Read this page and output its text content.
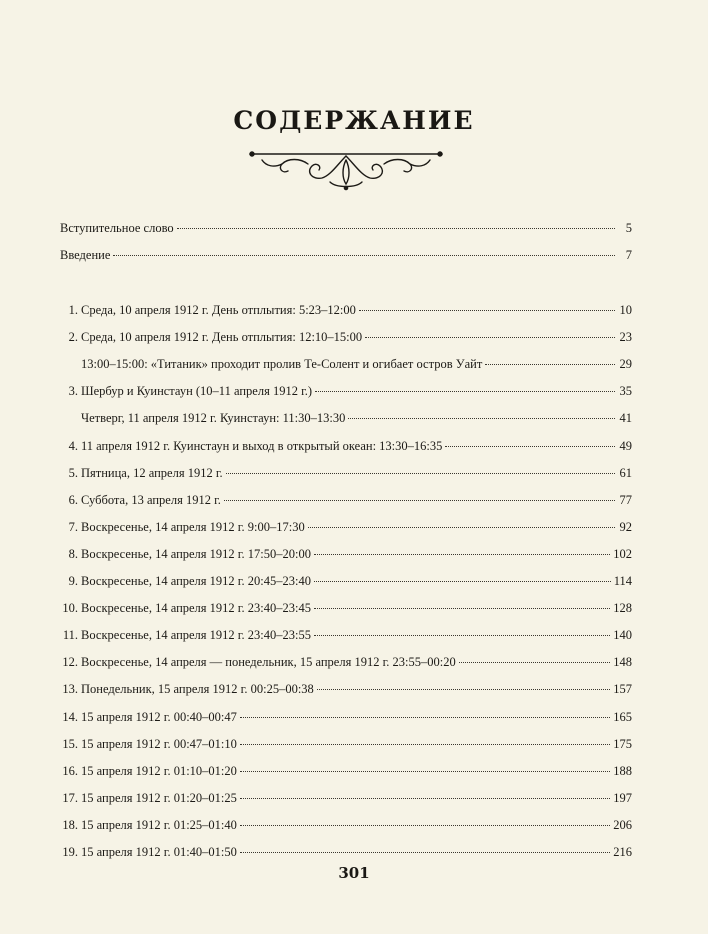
СОДЕРЖАНИЕ
Вступительное слово	5
Введение	7
1. Среда, 10 апреля 1912 г. День отплытия: 5:23–12:00	10
2. Среда, 10 апреля 1912 г. День отплытия: 12:10–15:00	23
13:00–15:00: «Титаник» проходит пролив Те-Солент и огибает остров Уайт	29
3. Шербур и Куинстаун (10–11 апреля 1912 г.)	35
Четверг, 11 апреля 1912 г. Куинстаун: 11:30–13:30	41
4. 11 апреля 1912 г. Куинстаун и выход в открытый океан: 13:30–16:35	49
5. Пятница, 12 апреля 1912 г.	61
6. Суббота, 13 апреля 1912 г.	77
7. Воскресенье, 14 апреля 1912 г. 9:00–17:30	92
8. Воскресенье, 14 апреля 1912 г. 17:50–20:00	102
9. Воскресенье, 14 апреля 1912 г. 20:45–23:40	114
10. Воскресенье, 14 апреля 1912 г. 23:40–23:45	128
11. Воскресенье, 14 апреля 1912 г. 23:40–23:55	140
12. Воскресенье, 14 апреля — понедельник, 15 апреля 1912 г. 23:55–00:20	148
13. Понедельник, 15 апреля 1912 г. 00:25–00:38	157
14. 15 апреля 1912 г. 00:40–00:47	165
15. 15 апреля 1912 г. 00:47–01:10	175
16. 15 апреля 1912 г. 01:10–01:20	188
17. 15 апреля 1912 г. 01:20–01:25	197
18. 15 апреля 1912 г. 01:25–01:40	206
19. 15 апреля 1912 г. 01:40–01:50	216
301
